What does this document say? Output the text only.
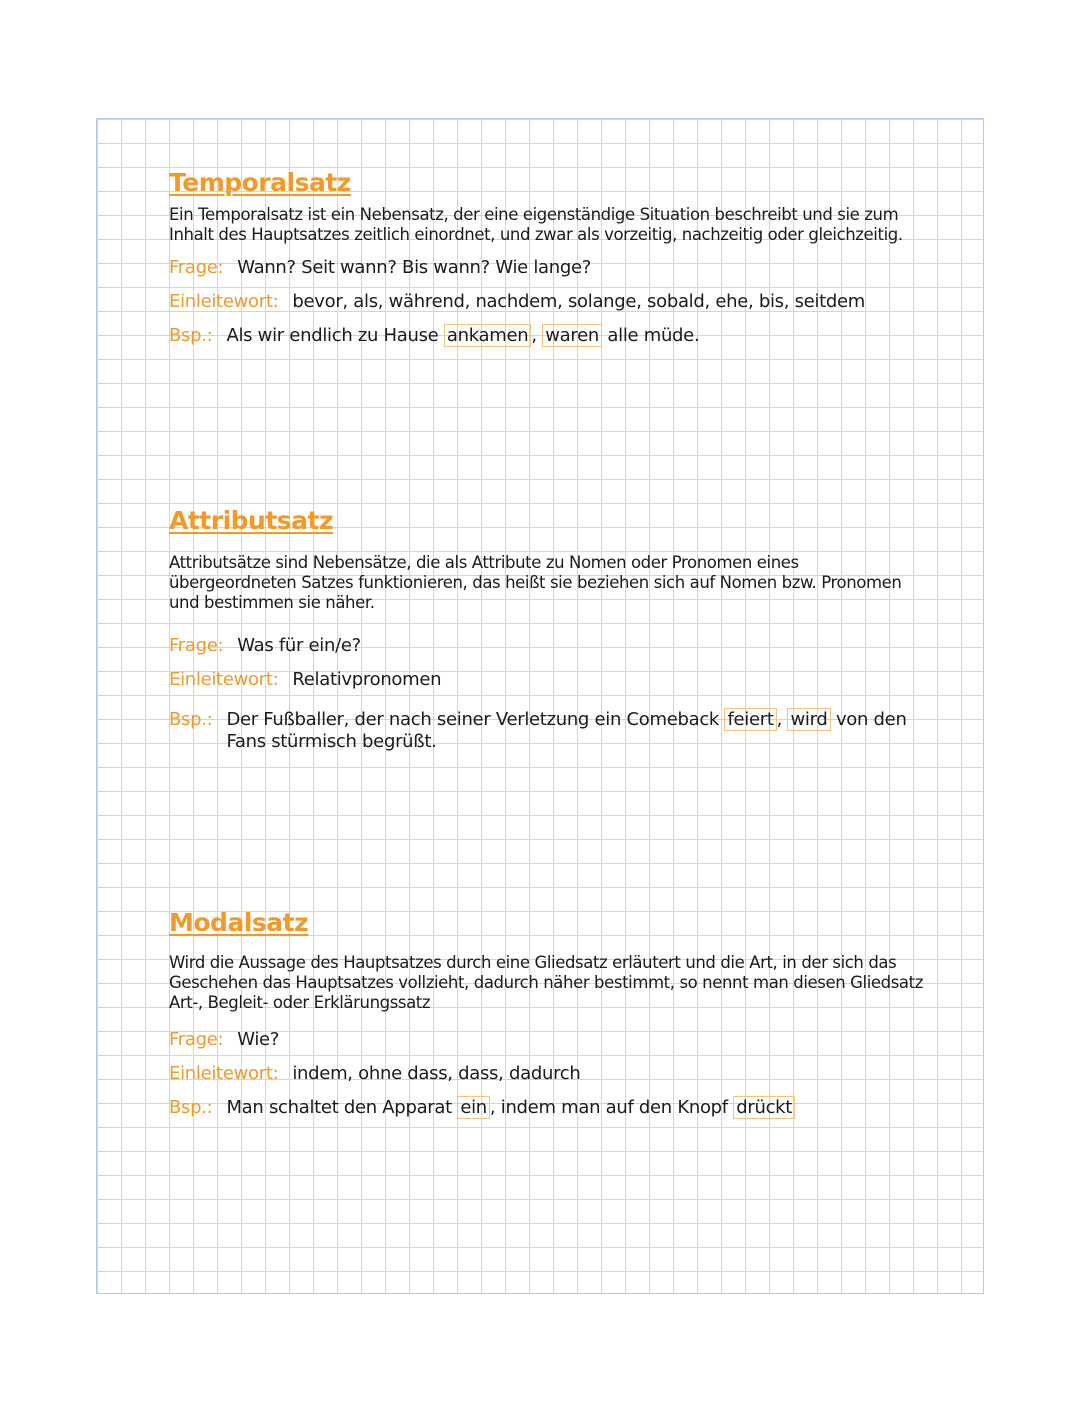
Temporalsatz
Ein Temporalsatz ist ein Nebensatz, der eine eigenständige Situation beschreibt und sie zum Inhalt des Hauptsatzes zeitlich einordnet, und zwar als vorzeitig, nachzeitig oder gleichzeitig.
Frage: Wann? Seit wann? Bis wann? Wie lange?
Einleitewort: bevor, als, während, nachdem, solange, sobald, ehe, bis, seitdem
Bsp.: Als wir endlich zu Hause ankamen , waren alle müde.
Attributsatz
Attributsätze sind Nebensätze, die als Attribute zu Nomen oder Pronomen eines übergeordneten Satzes funktionieren, das heißt sie beziehen sich auf Nomen bzw. Pronomen und bestimmen sie näher.
Frage: Was für ein/e?
Einleitewort: Relativpronomen
Bsp.: Der Fußballer, der nach seiner Verletzung ein Comeback feiert , wird von den Fans stürmisch begrüßt.
Modalsatz
Wird die Aussage des Hauptsatzes durch eine Gliedsatz erläutert und die Art, in der sich das Geschehen das Hauptsatzes vollzieht, dadurch näher bestimmt, so nennt man diesen Gliedsatz Art-, Begleit- oder Erklärungssatz
Frage: Wie?
Einleitewort: indem, ohne dass, dass, dadurch
Bsp.: Man schaltet den Apparat ein , indem man auf den Knopf drückt
